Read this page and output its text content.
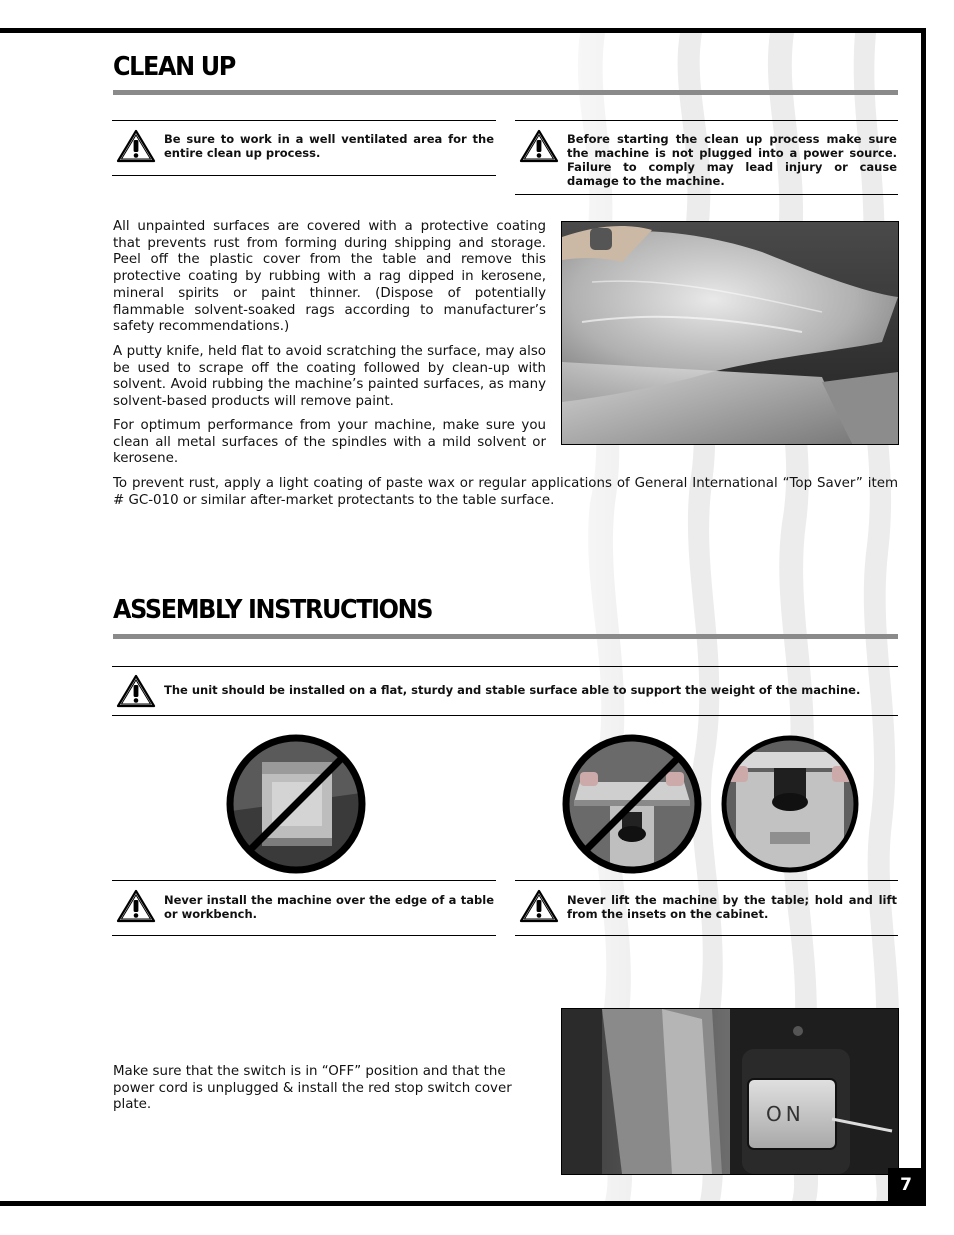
CLEAN UP
Be sure to work in a well ventilated area for the entire clean up process.
Before starting the clean up process make sure the machine is not plugged into a power source. Failure to comply may lead injury or cause damage to the machine.
All unpainted surfaces are covered with a protective coating that prevents rust from forming during shipping and storage. Peel off the plastic cover from the table and remove this protective coating by rubbing with a rag dipped in kerosene, mineral spirits or paint thinner. (Dispose of potentially flammable solvent-soaked rags according to manufacturer’s safety recommendations.)
A putty knife, held flat to avoid scratching the surface, may also be used to scrape off the coating followed by clean-up with solvent. Avoid rubbing the machine’s painted surfaces, as many solvent-based products will remove paint.
For optimum performance from your machine, make sure you clean all metal surfaces of the spindles with a mild solvent or kerosene.
To prevent rust, apply a light coating of paste wax or regular applications of General International “Top Saver” item # GC-010 or similar after-market protectants to the table surface.
ASSEMBLY INSTRUCTIONS
The unit should be installed on a flat, sturdy and stable surface able to support the weight of the machine.
Never install the machine over the edge of a table or workbench.
Never lift the machine by the table; hold and lift from the insets on the cabinet.
Make sure that the switch is in “OFF” position and that the power cord is unplugged & install the red stop switch cover plate.	ON
7
